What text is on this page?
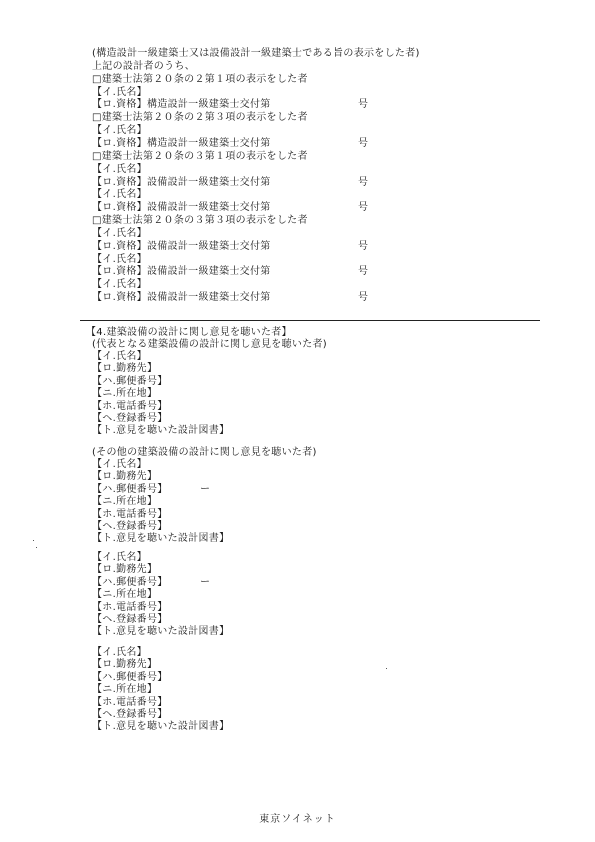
(構造設計一級建築士又は設備設計一級建築士である旨の表示をした者)
上記の設計者のうち、
□建築士法第２０条の２第１項の表示をした者
【イ.氏名】
【ロ.資格】構造設計一級建築士交付第	号
□建築士法第２０条の２第３項の表示をした者
【イ.氏名】
【ロ.資格】構造設計一級建築士交付第	号
□建築士法第２０条の３第１項の表示をした者
【イ.氏名】
【ロ.資格】設備設計一級建築士交付第	号
【イ.氏名】
【ロ.資格】設備設計一級建築士交付第	号
□建築士法第２０条の３第３項の表示をした者
【イ.氏名】
【ロ.資格】設備設計一級建築士交付第	号
【イ.氏名】
【ロ.資格】設備設計一級建築士交付第	号
【イ.氏名】
【ロ.資格】設備設計一級建築士交付第	号
【4.建築設備の設計に関し意見を聴いた者】
(代表となる建築設備の設計に関し意見を聴いた者)
【イ.氏名】
【ロ.勤務先】
【ハ.郵便番号】
【ニ.所在地】
【ホ.電話番号】
【ヘ.登録番号】
【ト.意見を聴いた設計図書】
(その他の建築設備の設計に関し意見を聴いた者)
【イ.氏名】
【ロ.勤務先】
【ハ.郵便番号】
【ニ.所在地】
【ホ.電話番号】
【ヘ.登録番号】
【ト.意見を聴いた設計図書】
ー
【イ.氏名】
【ロ.勤務先】
【ハ.郵便番号】
【ニ.所在地】
【ホ.電話番号】
【ヘ.登録番号】
【ト.意見を聴いた設計図書】
ー
【イ.氏名】
【ロ.勤務先】
【ハ.郵便番号】
【ニ.所在地】
【ホ.電話番号】
【ヘ.登録番号】
【ト.意見を聴いた設計図書】
東京ソイネット
